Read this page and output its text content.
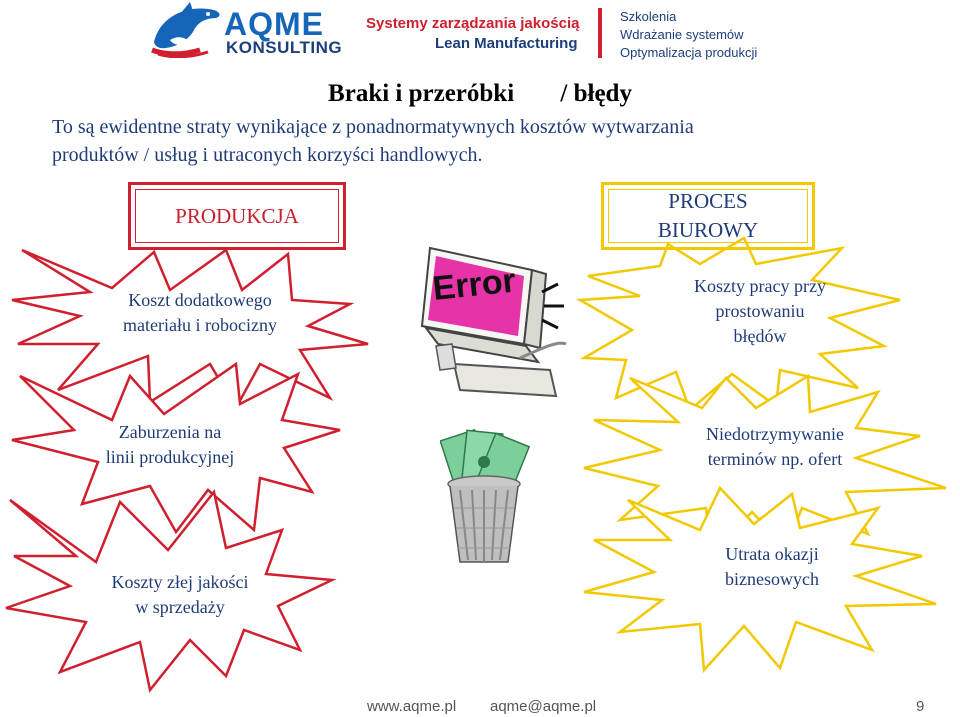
AQME
KONSULTING
Systemy zarządzania jakością
Lean Manufacturing
Szkolenia
Wdrażanie systemów
Optymalizacja produkcji
Braki i przeróbki / błędy
To są ewidentne straty wynikające z ponadnormatywnych kosztów wytwarzania
produktów / usług i utraconych korzyści handlowych.
PRODUKCJA
PROCES
BIUROWY
Koszt dodatkowego
materiału i robocizny
Zaburzenia na
linii produkcyjnej
Koszty złej jakości
w sprzedaży
Koszty pracy przy
prostowaniu
błędów
Niedotrzymywanie
terminów np. ofert
Utrata okazji
biznesowych
Error
www.aqme.pl aqme@aqme.pl	9
